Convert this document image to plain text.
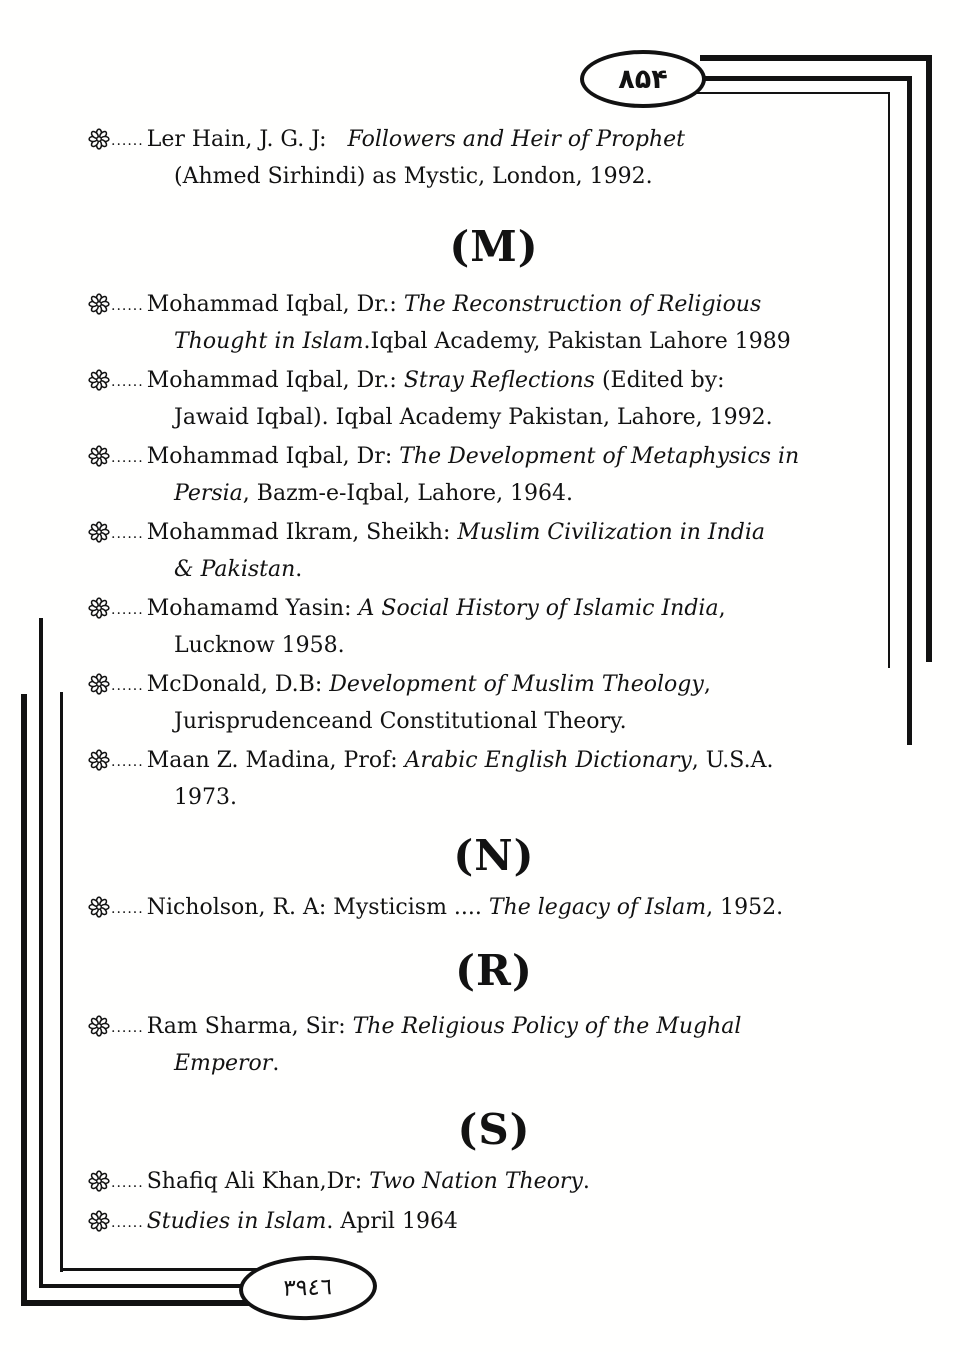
۸۵۴
٣٩٤٦
...... Ler Hain, J. G. J:   Followers and Heir of Prophet
(Ahmed Sirhindi) as Mystic, London, 1992.
(M)
...... Mohammad Iqbal, Dr.: The Reconstruction of Religious
Thought in Islam.Iqbal Academy, Pakistan Lahore 1989
...... Mohammad Iqbal, Dr.: Stray Reflections (Edited by:
Jawaid Iqbal). Iqbal Academy Pakistan, Lahore, 1992.
...... Mohammad Iqbal, Dr: The Development of Metaphysics in
Persia, Bazm-e-Iqbal, Lahore, 1964.
...... Mohammad Ikram, Sheikh: Muslim Civilization in India
& Pakistan.
...... Mohamamd Yasin: A Social History of Islamic India,
Lucknow 1958.
...... McDonald, D.B: Development of Muslim Theology,
Jurisprudenceand Constitutional Theory.
...... Maan Z. Madina, Prof: Arabic English Dictionary, U.S.A.
1973.
(N)
...... Nicholson, R. A: Mysticism .... The legacy of Islam, 1952.
(R)
...... Ram Sharma, Sir: The Religious Policy of the Mughal
Emperor.
(S)
...... Shafiq Ali Khan,Dr: Two Nation Theory.
...... Studies in Islam. April 1964
